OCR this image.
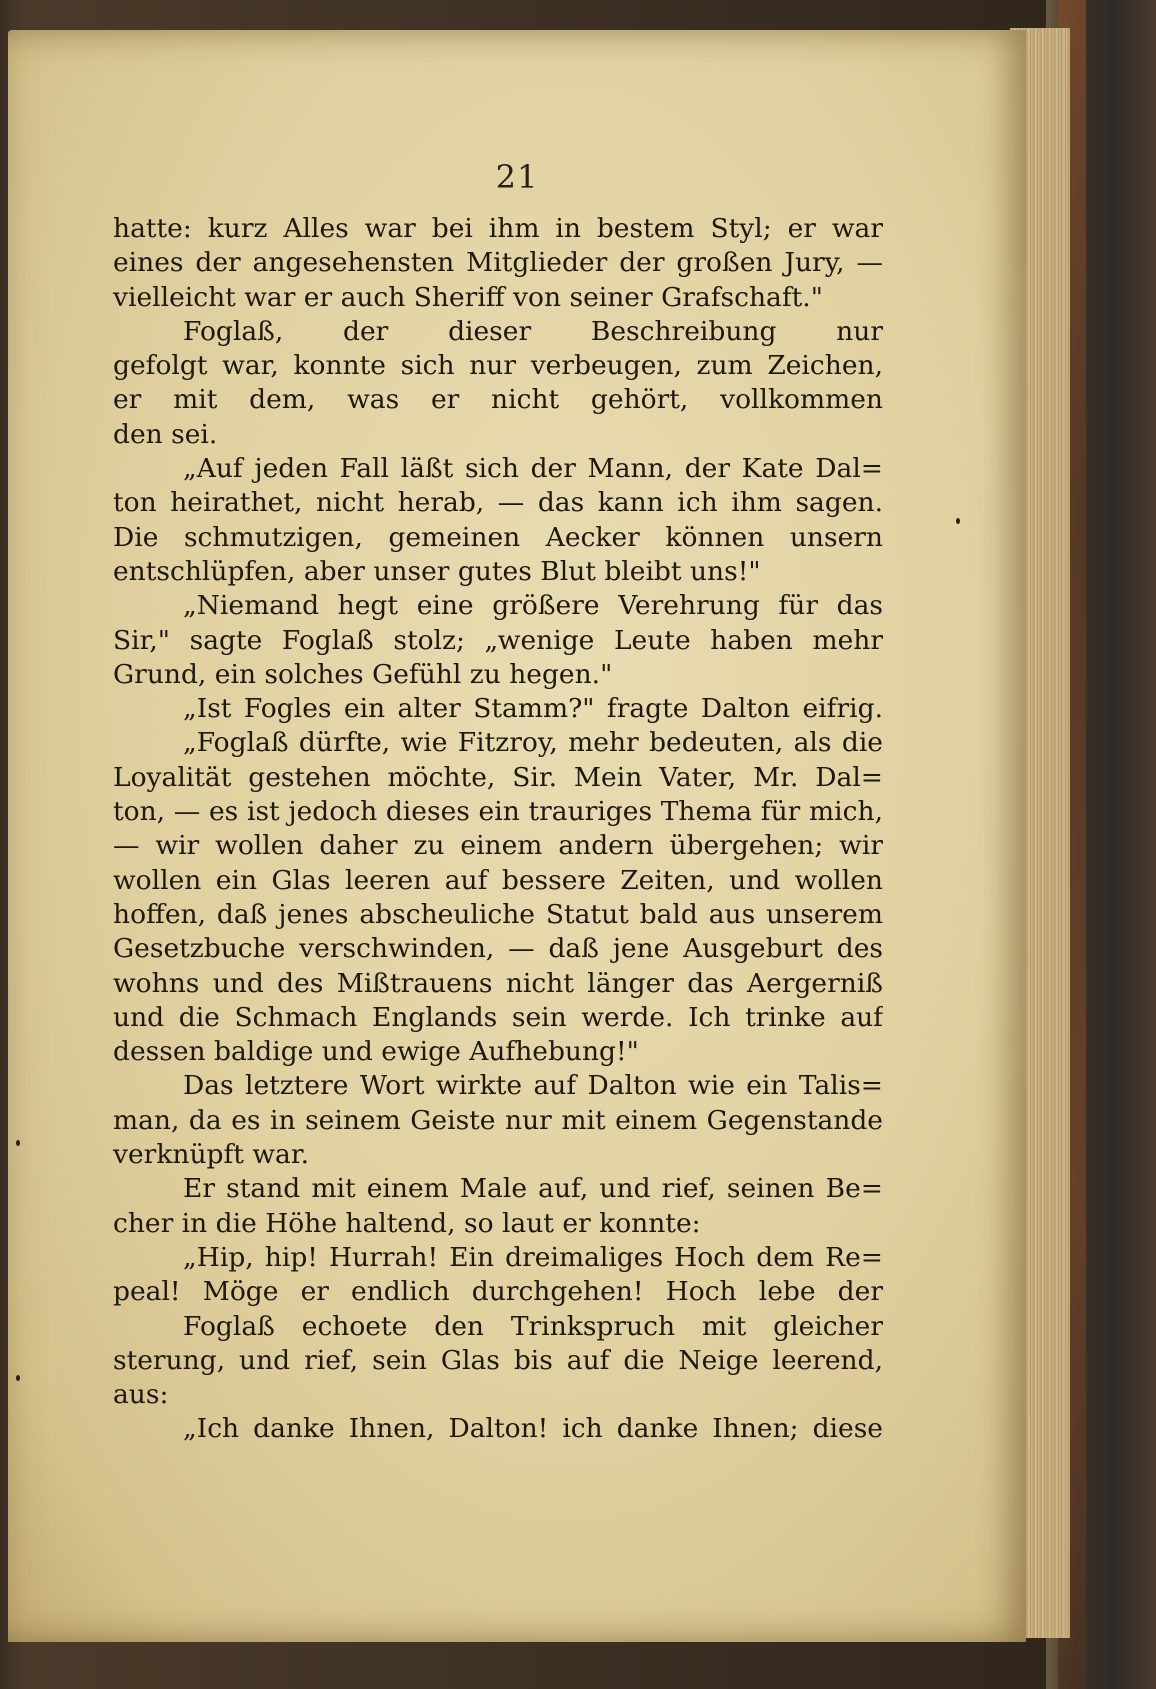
21
hatte: kurz Alles war bei ihm in bestem Styl; er war
eines der angesehensten Mitglieder der großen Jury, —
vielleicht war er auch Sheriff von seiner Grafschaft."
Foglaß, der dieser Beschreibung nur
gefolgt war, konnte sich nur verbeugen, zum Zeichen,
er mit dem, was er nicht gehört, vollkommen
den sei.
„Auf jeden Fall läßt sich der Mann, der Kate Dal=
ton heirathet, nicht herab, — das kann ich ihm sagen.
Die schmutzigen, gemeinen Aecker können unsern
entschlüpfen, aber unser gutes Blut bleibt uns!"
„Niemand hegt eine größere Verehrung für das
Sir," sagte Foglaß stolz; „wenige Leute haben mehr
Grund, ein solches Gefühl zu hegen."
„Ist Fogles ein alter Stamm?" fragte Dalton eifrig.
„Foglaß dürfte, wie Fitzroy, mehr bedeuten, als die
Loyalität gestehen möchte, Sir. Mein Vater, Mr. Dal=
ton, — es ist jedoch dieses ein trauriges Thema für mich,
— wir wollen daher zu einem andern übergehen; wir
wollen ein Glas leeren auf bessere Zeiten, und wollen
hoffen, daß jenes abscheuliche Statut bald aus unserem
Gesetzbuche verschwinden, — daß jene Ausgeburt des
wohns und des Mißtrauens nicht länger das Aergerniß
und die Schmach Englands sein werde. Ich trinke auf
dessen baldige und ewige Aufhebung!"
Das letztere Wort wirkte auf Dalton wie ein Talis=
man, da es in seinem Geiste nur mit einem Gegenstande
verknüpft war.
Er stand mit einem Male auf, und rief, seinen Be=
cher in die Höhe haltend, so laut er konnte:
„Hip, hip! Hurrah! Ein dreimaliges Hoch dem Re=
peal! Möge er endlich durchgehen! Hoch lebe der
Foglaß echoete den Trinkspruch mit gleicher
sterung, und rief, sein Glas bis auf die Neige leerend,
aus:
„Ich danke Ihnen, Dalton! ich danke Ihnen; diese
